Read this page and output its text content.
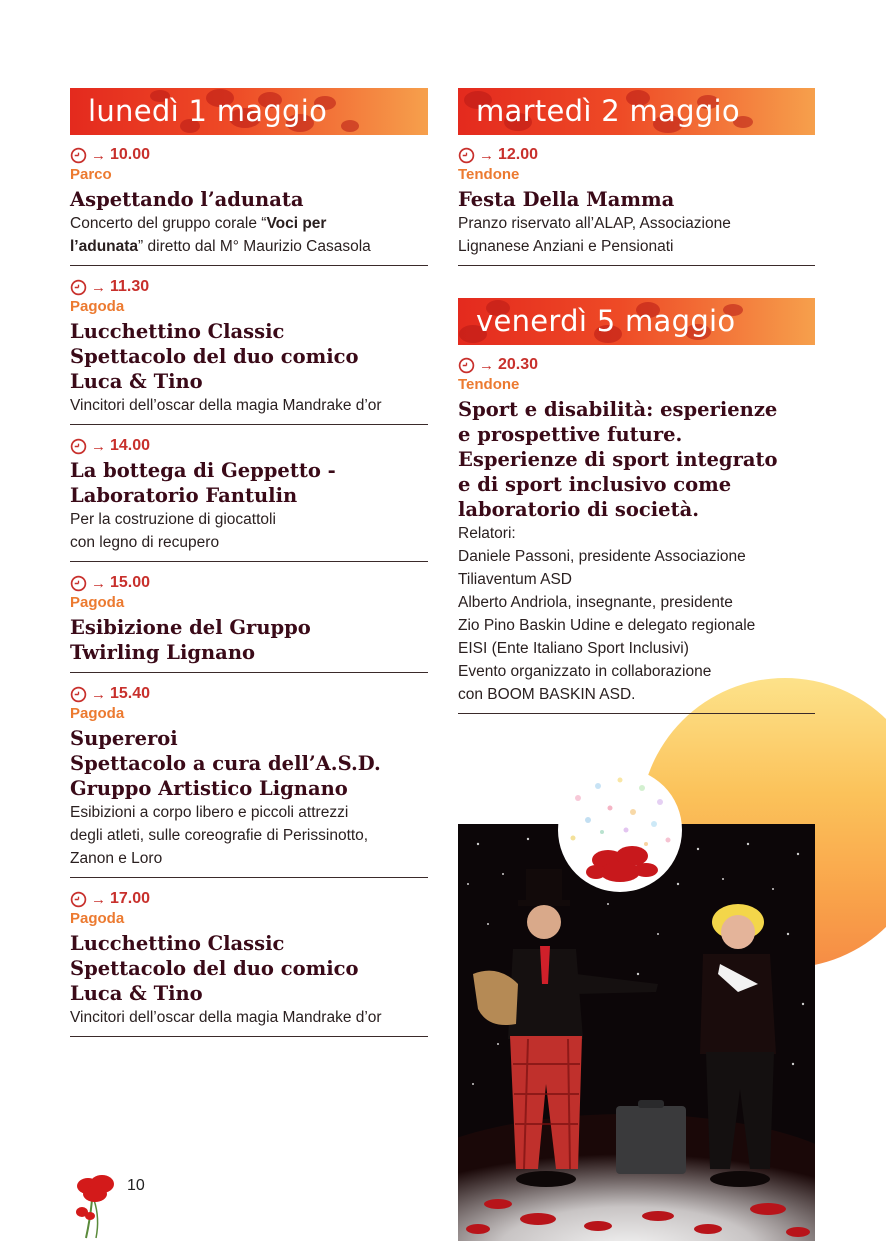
lunedì 1 maggio
→ 10.00
Parco
Aspettando l’adunata
Concerto del gruppo corale “Voci per
l’adunata” diretto dal M° Maurizio Casasola
→ 11.30
Pagoda
Lucchettino Classic
Spettacolo del duo comico
Luca & Tino
Vincitori dell’oscar della magia Mandrake d’or
→ 14.00
La bottega di Geppetto -
Laboratorio Fantulin
Per la costruzione di giocattoli
con legno di recupero
→ 15.00
Pagoda
Esibizione del Gruppo
Twirling Lignano
→ 15.40
Pagoda
Supereroi
Spettacolo a cura dell’A.S.D.
Gruppo Artistico Lignano
Esibizioni a corpo libero e piccoli attrezzi
degli atleti, sulle coreografie di Perissinotto,
Zanon e Loro
→ 17.00
Pagoda
Lucchettino Classic
Spettacolo del duo comico
Luca & Tino
Vincitori dell’oscar della magia Mandrake d’or
martedì 2 maggio
→ 12.00
Tendone
Festa Della Mamma
Pranzo riservato all’ALAP, Associazione
Lignanese Anziani e Pensionati
venerdì 5 maggio
→ 20.30
Tendone
Sport e disabilità: esperienze
e prospettive future.
Esperienze di sport integrato
e di sport inclusivo come
laboratorio di società.
Relatori:
Daniele Passoni, presidente Associazione
Tiliaventum ASD
Alberto Andriola, insegnante, presidente
Zio Pino Baskin Udine e delegato regionale
EISI (Ente Italiano Sport Inclusivi)
Evento organizzato in collaborazione
con BOOM BASKIN ASD.
10
